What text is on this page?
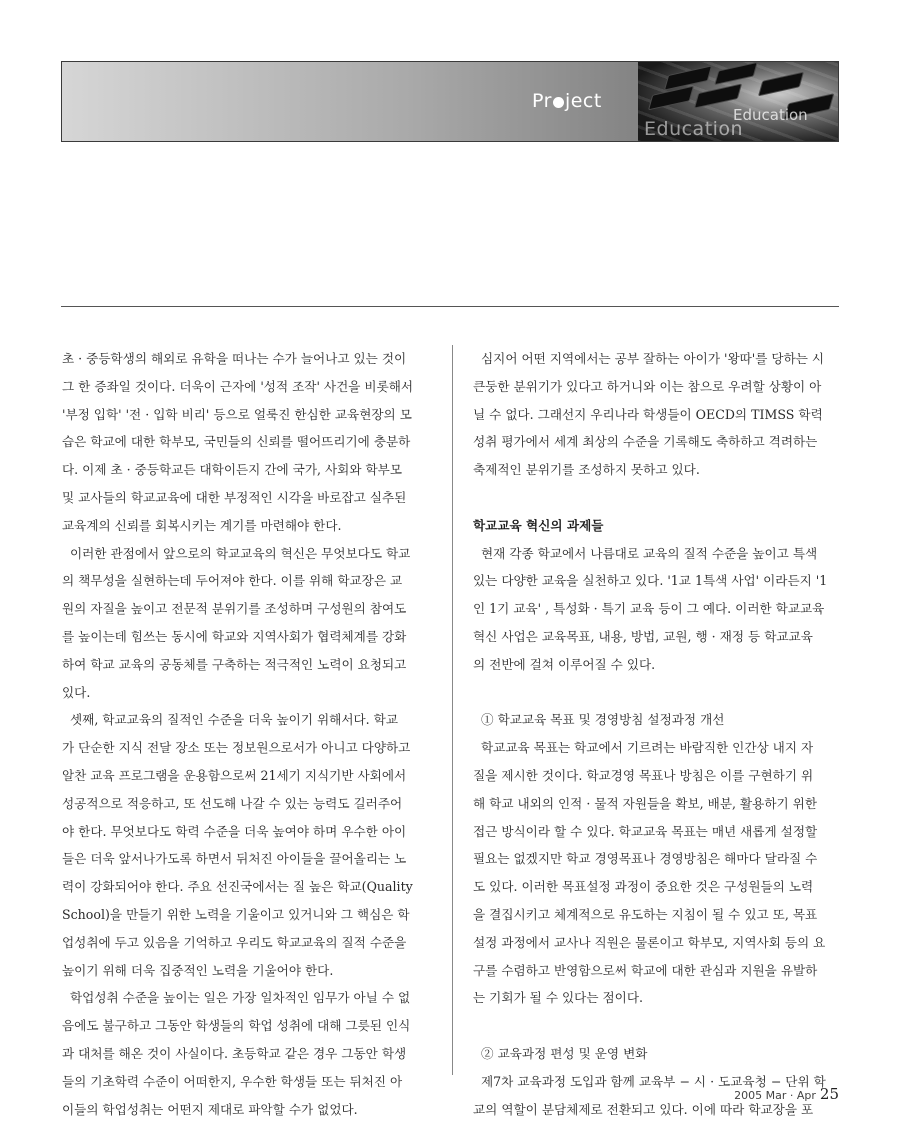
Pr ject
Education
Education
초 · 중등학생의 해외로 유학을 떠나는 수가 늘어나고 있는 것이
그 한 증좌일 것이다. 더욱이 근자에 '성적 조작' 사건을 비롯해서
'부정 입학' '전 · 입학 비리' 등으로 얼룩진 한심한 교육현장의 모
습은 학교에 대한 학부모, 국민들의 신뢰를 떨어뜨리기에 충분하
다. 이제 초 · 중등학교든 대학이든지 간에 국가, 사회와 학부모
및 교사들의 학교교육에 대한 부정적인 시각을 바로잡고 실추된
교육계의 신뢰를 회복시키는 계기를 마련해야 한다.
이러한 관점에서 앞으로의 학교교육의 혁신은 무엇보다도 학교
의 책무성을 실현하는데 두어져야 한다. 이를 위해 학교장은 교
원의 자질을 높이고 전문적 분위기를 조성하며 구성원의 참여도
를 높이는데 힘쓰는 동시에 학교와 지역사회가 협력체계를 강화
하여 학교 교육의 공동체를 구축하는 적극적인 노력이 요청되고
있다.
셋째, 학교교육의 질적인 수준을 더욱 높이기 위해서다. 학교
가 단순한 지식 전달 장소 또는 정보원으로서가 아니고 다양하고
알찬 교육 프로그램을 운용함으로써 21세기 지식기반 사회에서
성공적으로 적응하고, 또 선도해 나갈 수 있는 능력도 길러주어
야 한다. 무엇보다도 학력 수준을 더욱 높여야 하며 우수한 아이
들은 더욱 앞서나가도록 하면서 뒤처진 아이들을 끌어올리는 노
력이 강화되어야 한다. 주요 선진국에서는 질 높은 학교(Quality
School)을 만들기 위한 노력을 기울이고 있거니와 그 핵심은 학
업성취에 두고 있음을 기억하고 우리도 학교교육의 질적 수준을
높이기 위해 더욱 집중적인 노력을 기울어야 한다.
학업성취 수준을 높이는 일은 가장 일차적인 임무가 아닐 수 없
음에도 불구하고 그동안 학생들의 학업 성취에 대해 그릇된 인식
과 대처를 해온 것이 사실이다. 초등학교 같은 경우 그동안 학생
들의 기초학력 수준이 어떠한지, 우수한 학생들 또는 뒤처진 아
이들의 학업성취는 어떤지 제대로 파악할 수가 없었다.
심지어 어떤 지역에서는 공부 잘하는 아이가 '왕따'를 당하는 시
큰둥한 분위기가 있다고 하거니와 이는 참으로 우려할 상황이 아
닐 수 없다. 그래선지 우리나라 학생들이 OECD의 TIMSS 학력
성취 평가에서 세계 최상의 수준을 기록해도 축하하고 격려하는
축제적인 분위기를 조성하지 못하고 있다.
학교교육 혁신의 과제들
현재 각종 학교에서 나름대로 교육의 질적 수준을 높이고 특색
있는 다양한 교육을 실천하고 있다. '1교 1특색 사업' 이라든지 '1
인 1기 교육' , 특성화 · 특기 교육 등이 그 예다. 이러한 학교교육
혁신 사업은 교육목표, 내용, 방법, 교원, 행 · 재정 등 학교교육
의 전반에 걸쳐 이루어질 수 있다.
① 학교교육 목표 및 경영방침 설정과정 개선
학교교육 목표는 학교에서 기르려는 바람직한 인간상 내지 자
질을 제시한 것이다. 학교경영 목표나 방침은 이를 구현하기 위
해 학교 내외의 인적 · 물적 자원들을 확보, 배분, 활용하기 위한
접근 방식이라 할 수 있다. 학교교육 목표는 매년 새롭게 설정할
필요는 없겠지만 학교 경영목표나 경영방침은 해마다 달라질 수
도 있다. 이러한 목표설정 과정이 중요한 것은 구성원들의 노력
을 결집시키고 체계적으로 유도하는 지침이 될 수 있고 또, 목표
설정 과정에서 교사나 직원은 물론이고 학부모, 지역사회 등의 요
구를 수렴하고 반영함으로써 학교에 대한 관심과 지원을 유발하
는 기회가 될 수 있다는 점이다.
② 교육과정 편성 및 운영 변화
제7차 교육과정 도입과 함께 교육부 − 시 · 도교육청 − 단위 학
교의 역할이 분담체제로 전환되고 있다. 이에 따라 학교장을 포
2005 Mar · Apr 25
